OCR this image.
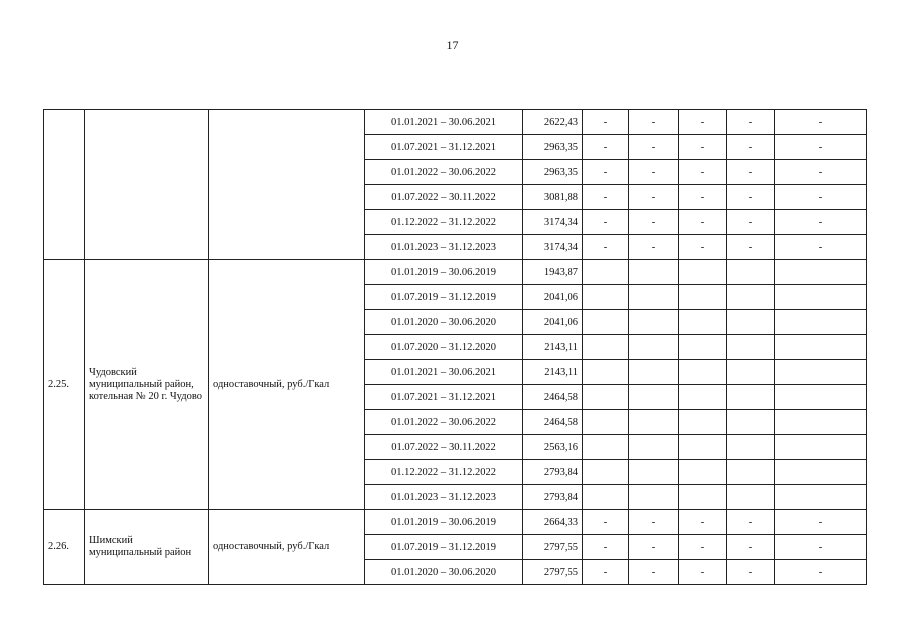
17
			01.01.2021 – 30.06.2021	2622,43	-	-	-	-	-
			01.07.2021 – 31.12.2021	2963,35	-	-	-	-	-
			01.01.2022 – 30.06.2022	2963,35	-	-	-	-	-
			01.07.2022 – 30.11.2022	3081,88	-	-	-	-	-
			01.12.2022 – 31.12.2022	3174,34	-	-	-	-	-
			01.01.2023 – 31.12.2023	3174,34	-	-	-	-	-
2.25.	Чудовский муниципальный район, котельная № 20 г. Чудово	одноставочный, руб./Гкал	01.01.2019 – 30.06.2019	1943,87					
			01.07.2019 – 31.12.2019	2041,06					
			01.01.2020 – 30.06.2020	2041,06					
			01.07.2020 – 31.12.2020	2143,11					
			01.01.2021 – 30.06.2021	2143,11					
			01.07.2021 – 31.12.2021	2464,58					
			01.01.2022 – 30.06.2022	2464,58					
			01.07.2022 – 30.11.2022	2563,16					
			01.12.2022 – 31.12.2022	2793,84					
			01.01.2023 – 31.12.2023	2793,84					
2.26.	Шимский муниципальный район	одноставочный, руб./Гкал	01.01.2019 – 30.06.2019	2664,33	-	-	-	-	-
			01.07.2019 – 31.12.2019	2797,55	-	-	-	-	-
			01.01.2020 – 30.06.2020	2797,55	-	-	-	-	-
